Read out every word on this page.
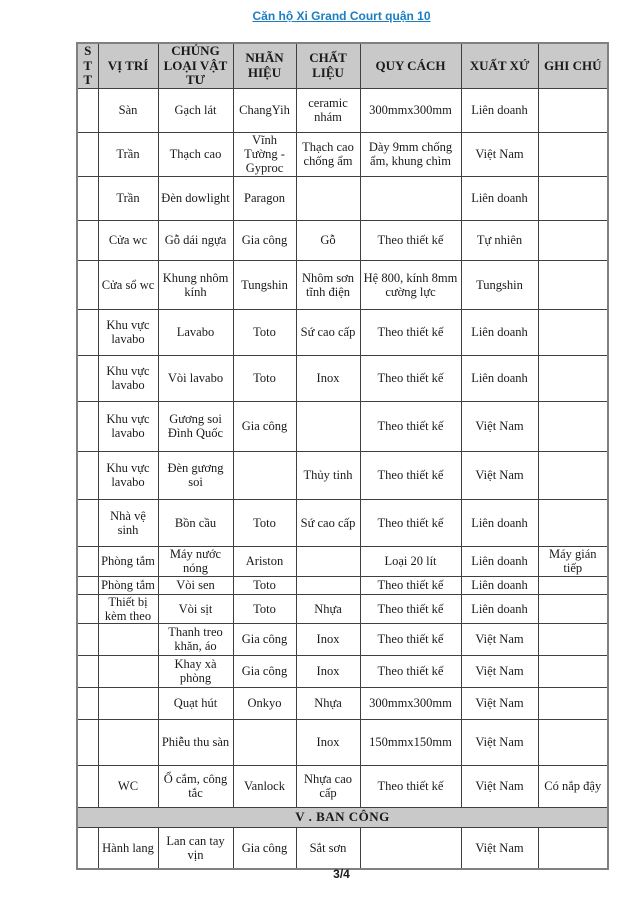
Căn hộ Xi Grand Court quận 10
STT	VỊ TRÍ	CHỦNG LOẠI VẬT TƯ	NHÃN HIỆU	CHẤT LIỆU	QUY CÁCH	XUẤT XỨ	GHI CHÚ
	Sàn	Gạch lát	ChangYih	ceramic nhám	300mmx300mm	Liên doanh	
	Trần	Thạch cao	Vĩnh Tường - Gyproc	Thạch cao chống ẩm	Dày 9mm chống ẩm, khung chìm	Việt Nam	
	Trần	Đèn dowlight	Paragon			Liên doanh	
	Cửa wc	Gỗ dái ngựa	Gia công	Gỗ	Theo thiết kế	Tự nhiên	
	Cửa sổ wc	Khung nhôm kính	Tungshin	Nhôm sơn tĩnh điện	Hệ 800, kính 8mm cường lực	Tungshin	
	Khu vực lavabo	Lavabo	Toto	Sứ cao cấp	Theo thiết kế	Liên doanh	
	Khu vực lavabo	Vòi lavabo	Toto	Inox	Theo thiết kế	Liên doanh	
	Khu vực lavabo	Gương soi Đình Quốc	Gia công		Theo thiết kế	Việt Nam	
	Khu vực lavabo	Đèn gương soi		Thủy tinh	Theo thiết kế	Việt Nam	
	Nhà vệ sinh	Bồn cầu	Toto	Sứ cao cấp	Theo thiết kế	Liên doanh	
	Phòng tắm	Máy nước nóng	Ariston		Loại 20 lít	Liên doanh	Máy gián tiếp
	Phòng tắm	Vòi sen	Toto		Theo thiết kế	Liên doanh	
	Thiết bị kèm theo	Vòi sịt	Toto	Nhựa	Theo thiết kế	Liên doanh	
		Thanh treo khăn, áo	Gia công	Inox	Theo thiết kế	Việt Nam	
		Khay xà phòng	Gia công	Inox	Theo thiết kế	Việt Nam	
		Quạt hút	Onkyo	Nhựa	300mmx300mm	Việt Nam	
		Phiễu thu sàn		Inox	150mmx150mm	Việt Nam	
	WC	Ổ cắm, công tắc	Vanlock	Nhựa cao cấp	Theo thiết kế	Việt Nam	Có nắp đậy
V . BAN CÔNG							
	Hành lang	Lan can tay vịn	Gia công	Sắt sơn		Việt Nam	
3/4
